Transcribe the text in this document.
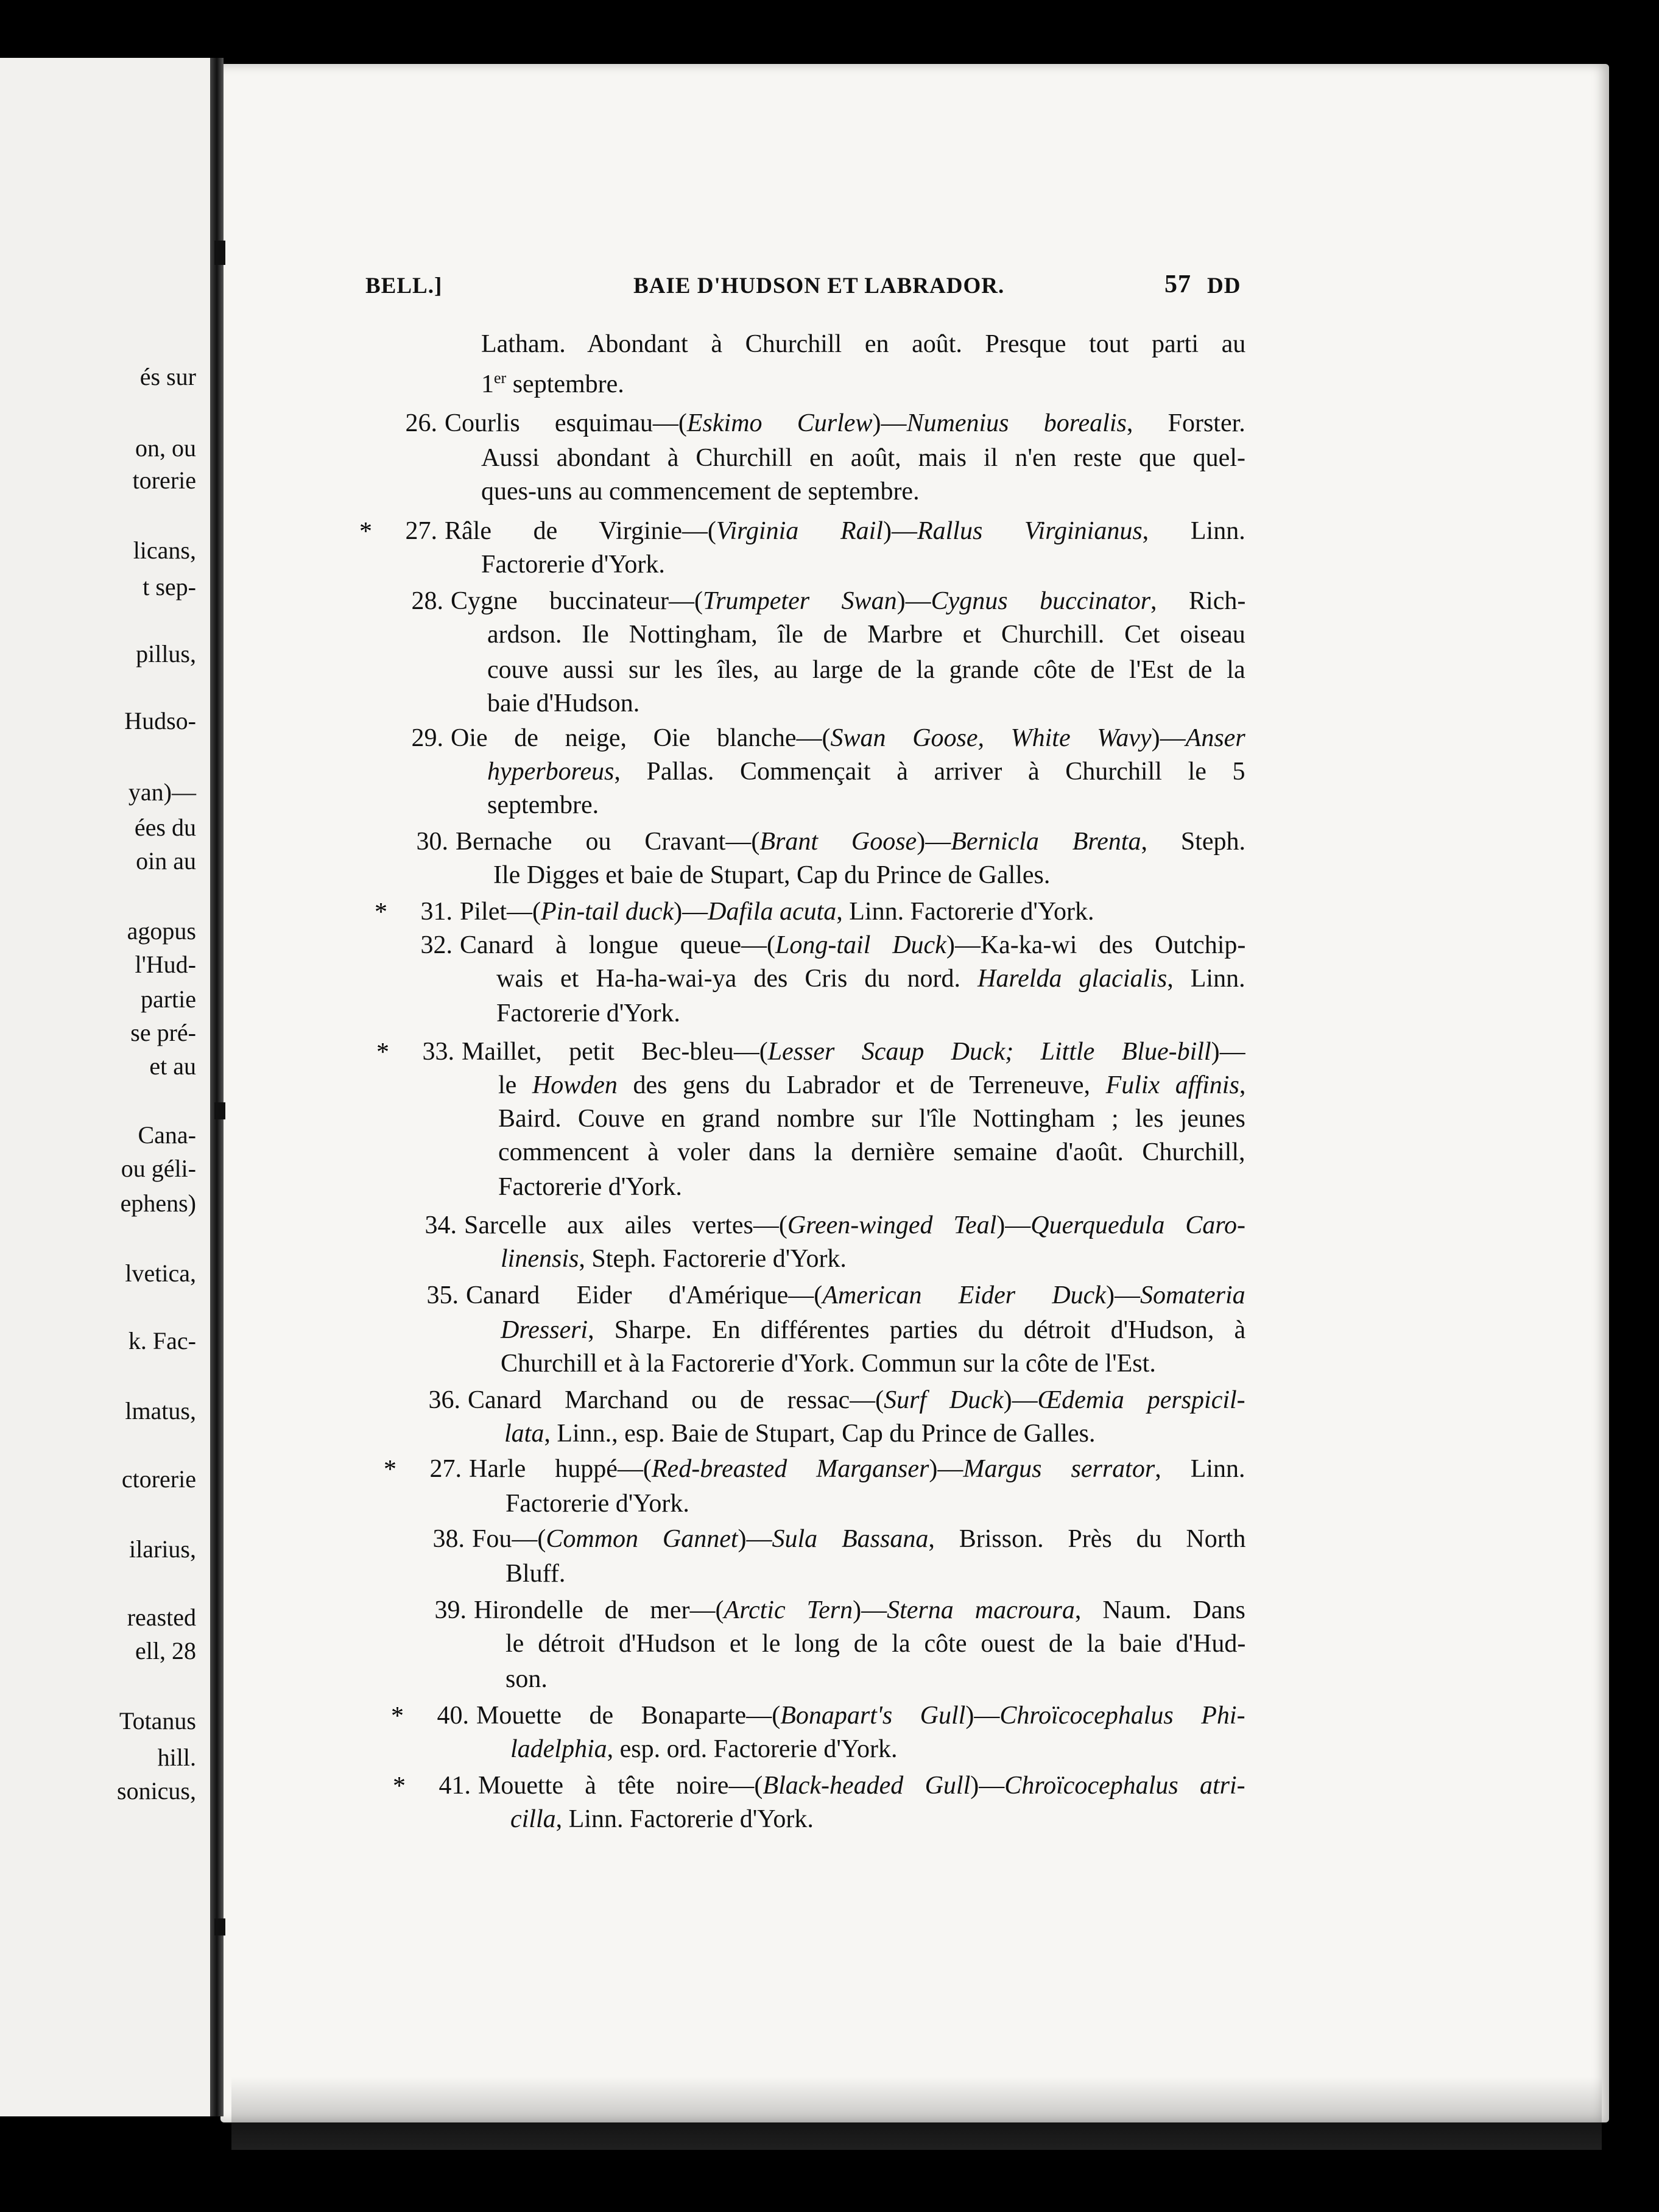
BELL.]	BAIE D'HUDSON ET LABRADOR.	57 DD
és sur
on, ou
torerie
licans,
t sep-
pillus,
Hudso-
yan)—
ées du
oin au
agopus
l'Hud-
partie
se pré-
et au
Cana-
ou géli-
ephens)
lvetica,
k. Fac-
lmatus,
ctorerie
ilarius,
reasted
ell, 28
Totanus
hill.
sonicus,
Latham. Abondant à Churchill en août. Presque tout parti au
1er septembre.
Courlis esquimau—(Eskimo Curlew)—Numenius borealis, Forster.
26.
Aussi abondant à Churchill en août, mais il n'en reste que quel-
ques-uns au commencement de septembre.
Râle de Virginie—(Virginia Rail)—Rallus Virginianus, Linn.
27.
*
Factorerie d'York.
Cygne buccinateur—(Trumpeter Swan)—Cygnus buccinator, Rich-
28.
ardson. Ile Nottingham, île de Marbre et Churchill. Cet oiseau
couve aussi sur les îles, au large de la grande côte de l'Est de la
baie d'Hudson.
Oie de neige, Oie blanche—(Swan Goose, White Wavy)—Anser
29.
hyperboreus, Pallas. Commençait à arriver à Churchill le 5
septembre.
Bernache ou Cravant—(Brant Goose)—Bernicla Brenta, Steph.
30.
Ile Digges et baie de Stupart, Cap du Prince de Galles.
Pilet—(Pin-tail duck)—Dafila acuta, Linn. Factorerie d'York.
31.
*
Canard à longue queue—(Long-tail Duck)—Ka-ka-wi des Outchip-
32.
wais et Ha-ha-wai-ya des Cris du nord. Harelda glacialis, Linn.
Factorerie d'York.
Maillet, petit Bec-bleu—(Lesser Scaup Duck; Little Blue-bill)—
33.
*
le Howden des gens du Labrador et de Terreneuve, Fulix affinis,
Baird. Couve en grand nombre sur l'île Nottingham ; les jeunes
commencent à voler dans la dernière semaine d'août. Churchill,
Factorerie d'York.
Sarcelle aux ailes vertes—(Green-winged Teal)—Querquedula Caro-
34.
linensis, Steph. Factorerie d'York.
Canard Eider d'Amérique—(American Eider Duck)—Somateria
35.
Dresseri, Sharpe. En différentes parties du détroit d'Hudson, à
Churchill et à la Factorerie d'York. Commun sur la côte de l'Est.
Canard Marchand ou de ressac—(Surf Duck)—Œdemia perspicil-
36.
lata, Linn., esp. Baie de Stupart, Cap du Prince de Galles.
Harle huppé—(Red-breasted Marganser)—Margus serrator, Linn.
27.
*
Factorerie d'York.
Fou—(Common Gannet)—Sula Bassana, Brisson. Près du North
38.
Bluff.
Hirondelle de mer—(Arctic Tern)—Sterna macroura, Naum. Dans
39.
le détroit d'Hudson et le long de la côte ouest de la baie d'Hud-
son.
Mouette de Bonaparte—(Bonapart's Gull)—Chroïcocephalus Phi-
40.
*
ladelphia, esp. ord. Factorerie d'York.
Mouette à tête noire—(Black-headed Gull)—Chroïcocephalus atri-
41.
*
cilla, Linn. Factorerie d'York.
